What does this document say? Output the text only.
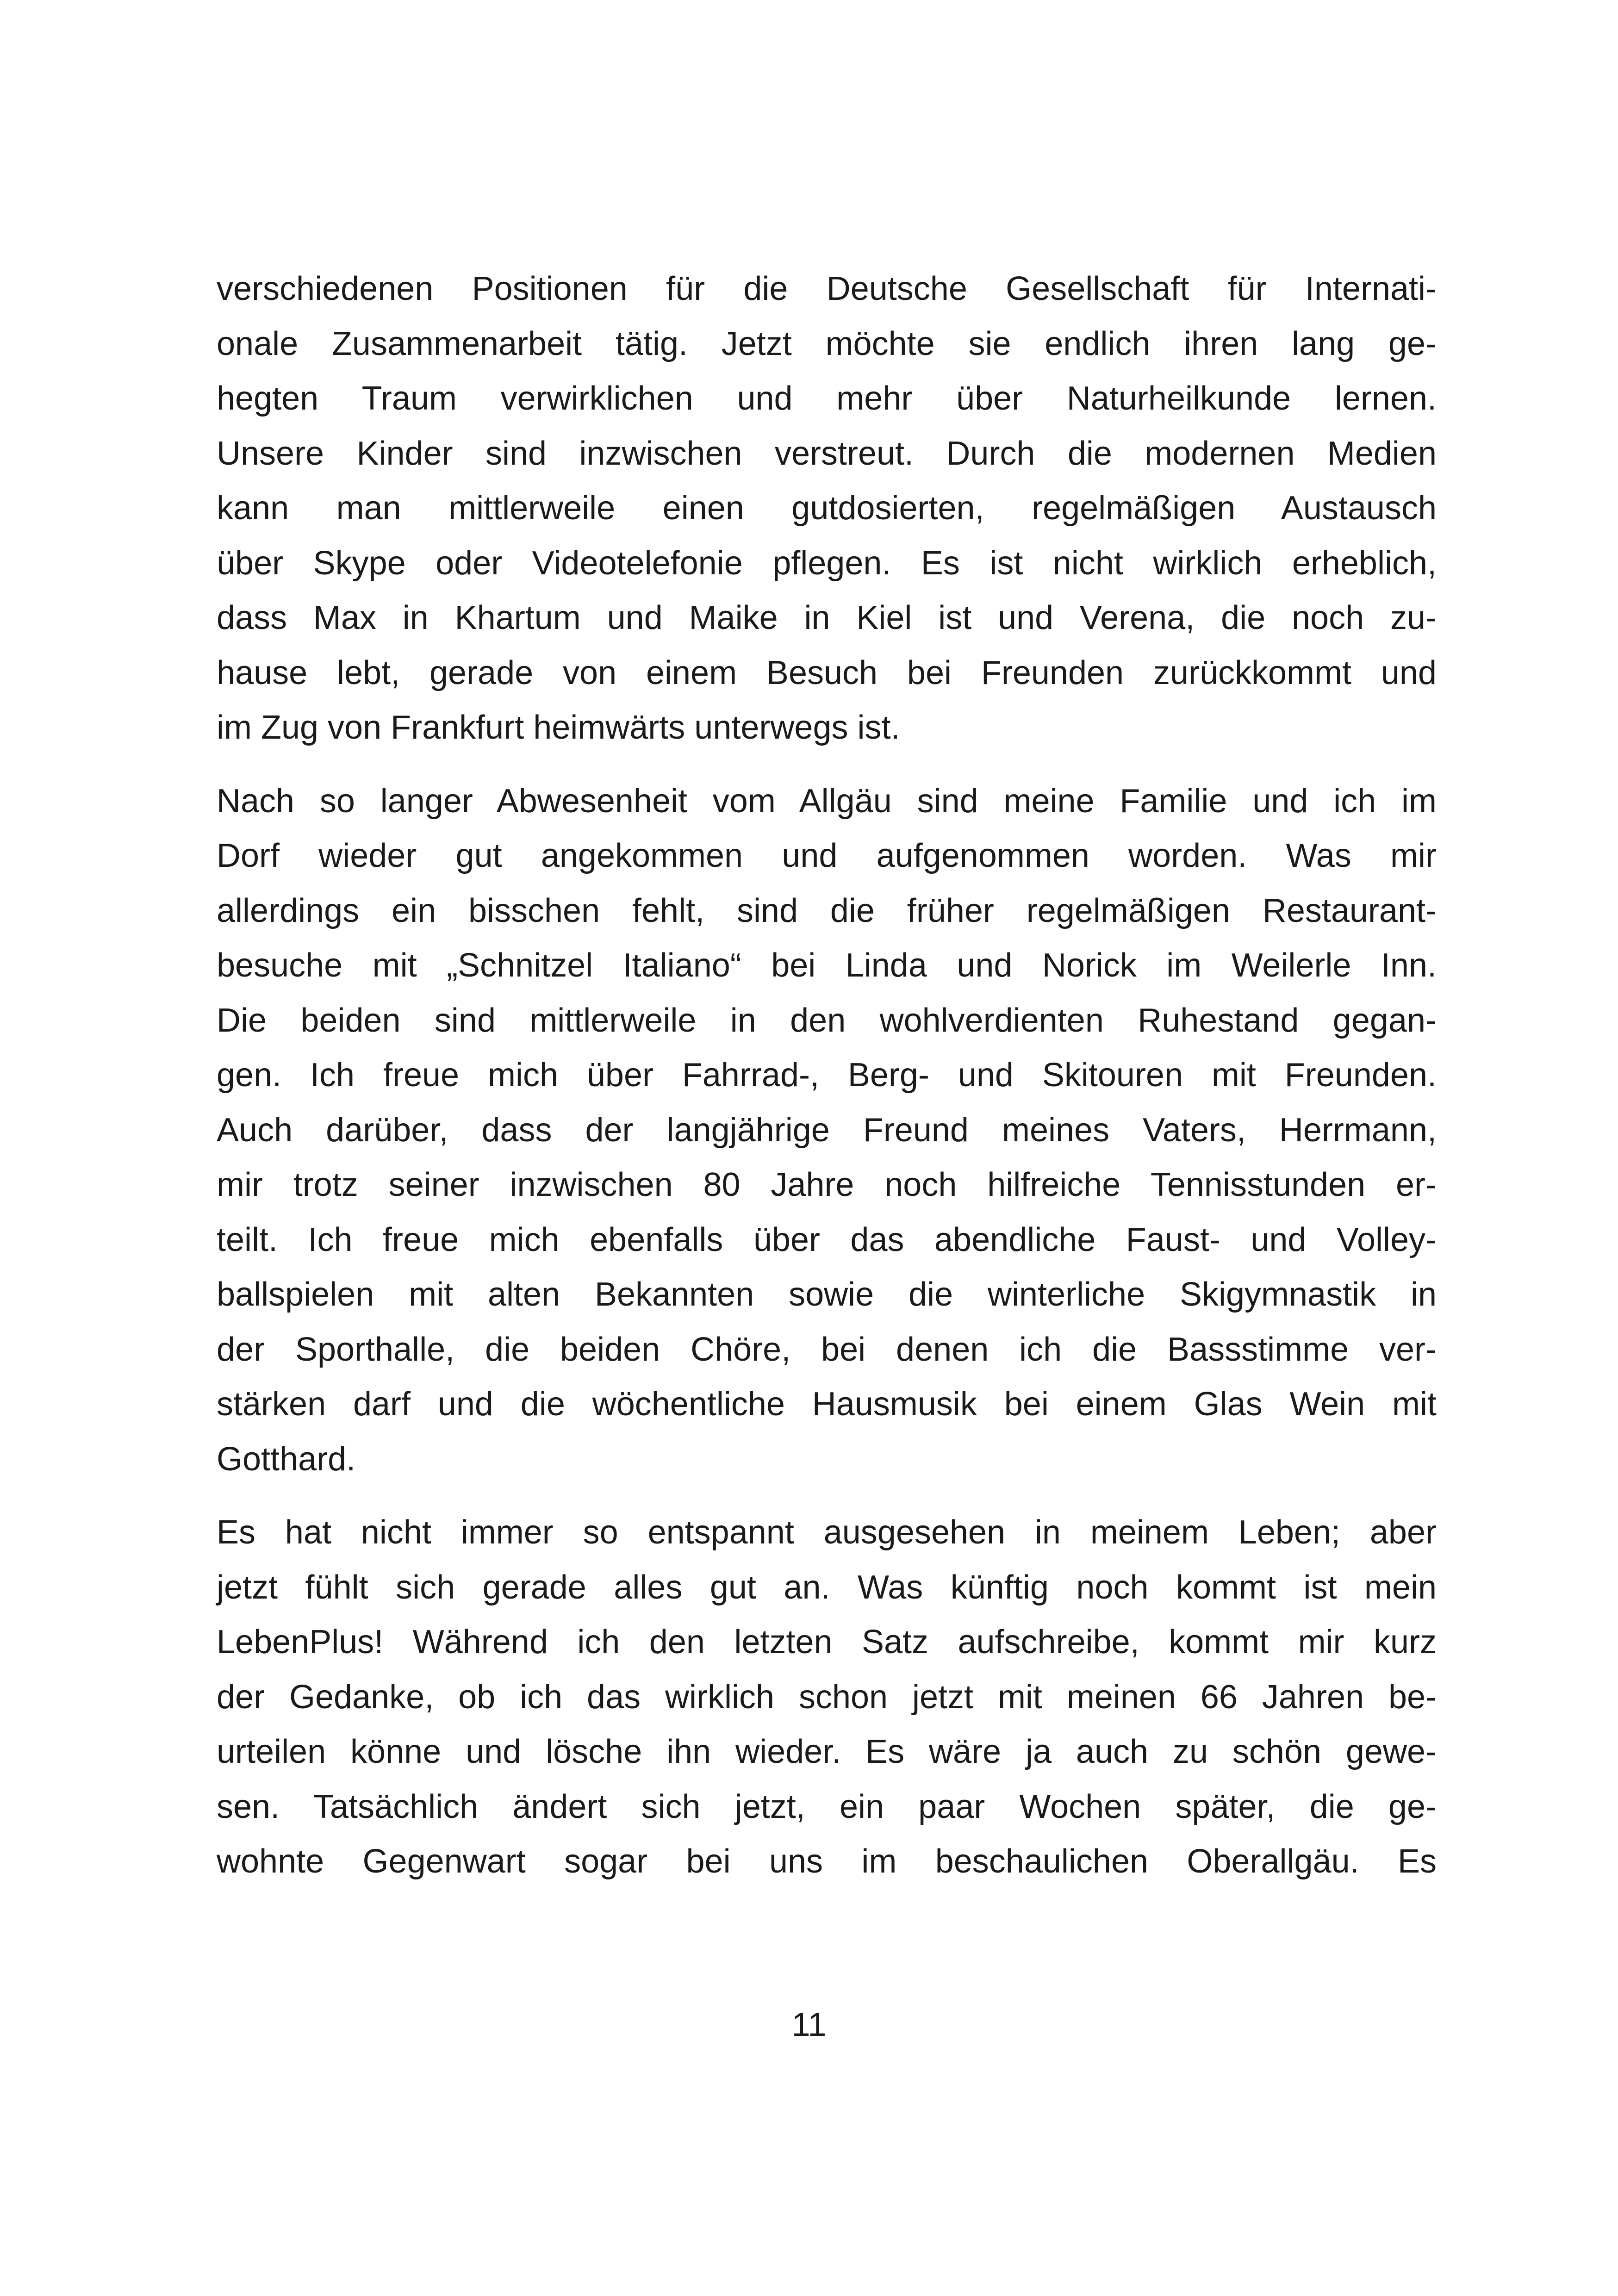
verschiedenen Positionen für die Deutsche Gesellschaft für Internati-
onale Zusammenarbeit tätig. Jetzt möchte sie endlich ihren lang ge-
hegten Traum verwirklichen und mehr über Naturheilkunde lernen.
Unsere Kinder sind inzwischen verstreut. Durch die modernen Medien
kann man mittlerweile einen gutdosierten, regelmäßigen Austausch
über Skype oder Videotelefonie pflegen. Es ist nicht wirklich erheblich,
dass Max in Khartum und Maike in Kiel ist und Verena, die noch zu-
hause lebt, gerade von einem Besuch bei Freunden zurückkommt und
im Zug von Frankfurt heimwärts unterwegs ist.

Nach so langer Abwesenheit vom Allgäu sind meine Familie und ich im
Dorf wieder gut angekommen und aufgenommen worden. Was mir
allerdings ein bisschen fehlt, sind die früher regelmäßigen Restaurant-
besuche mit „Schnitzel Italiano“ bei Linda und Norick im Weilerle Inn.
Die beiden sind mittlerweile in den wohlverdienten Ruhestand gegan-
gen. Ich freue mich über Fahrrad-, Berg- und Skitouren mit Freunden.
Auch darüber, dass der langjährige Freund meines Vaters, Herrmann,
mir trotz seiner inzwischen 80 Jahre noch hilfreiche Tennisstunden er-
teilt. Ich freue mich ebenfalls über das abendliche Faust- und Volley-
ballspielen mit alten Bekannten sowie die winterliche Skigymnastik in
der Sporthalle, die beiden Chöre, bei denen ich die Bassstimme ver-
stärken darf und die wöchentliche Hausmusik bei einem Glas Wein mit
Gotthard.

Es hat nicht immer so entspannt ausgesehen in meinem Leben; aber
jetzt fühlt sich gerade alles gut an. Was künftig noch kommt ist mein
LebenPlus! Während ich den letzten Satz aufschreibe, kommt mir kurz
der Gedanke, ob ich das wirklich schon jetzt mit meinen 66 Jahren be-
urteilen könne und lösche ihn wieder. Es wäre ja auch zu schön gewe-
sen. Tatsächlich ändert sich jetzt, ein paar Wochen später, die ge-
wohnte Gegenwart sogar bei uns im beschaulichen Oberallgäu. Es

11
